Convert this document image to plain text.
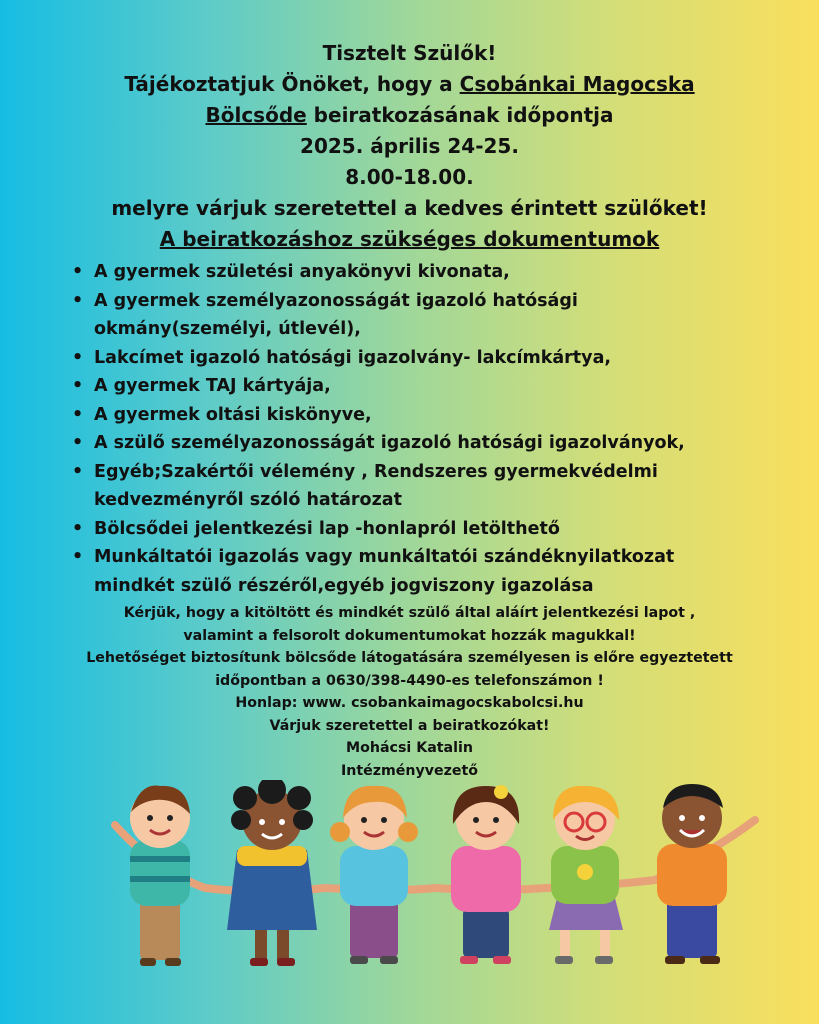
Tisztelt Szülők!
Tájékoztatjuk Önöket, hogy a Csobánkai Magocska
Bölcsőde beiratkozásának időpontja
2025. április 24-25.
8.00-18.00.
melyre várjuk szeretettel a kedves érintett szülőket!
A beiratkozáshoz szükséges dokumentumok
• A gyermek születési anyakönyvi kivonata,
• A gyermek személyazonosságát igazoló hatósági
okmány(személyi, útlevél),
• Lakcímet igazoló hatósági igazolvány- lakcímkártya,
• A gyermek TAJ kártyája,
• A gyermek oltási kiskönyve,
• A szülő személyazonosságát igazoló hatósági igazolványok,
• Egyéb;Szakértői vélemény , Rendszeres gyermekvédelmi
kedvezményről szóló határozat
• Bölcsődei jelentkezési lap -honlapról letölthető
• Munkáltatói igazolás vagy munkáltatói szándéknyilatkozat
mindkét szülő részéről,egyéb jogviszony igazolása
Kérjük, hogy a kitöltött és mindkét szülő által aláírt jelentkezési lapot ,
valamint a felsorolt dokumentumokat hozzák magukkal!
Lehetőséget biztosítunk bölcsőde látogatására személyesen is előre egyeztetett
időpontban a 0630/398-4490-es telefonszámon !
Honlap: www. csobankaimagocskabolcsi.hu
Várjuk szeretettel a beiratkozókat!
Mohácsi Katalin
Intézményvezető
